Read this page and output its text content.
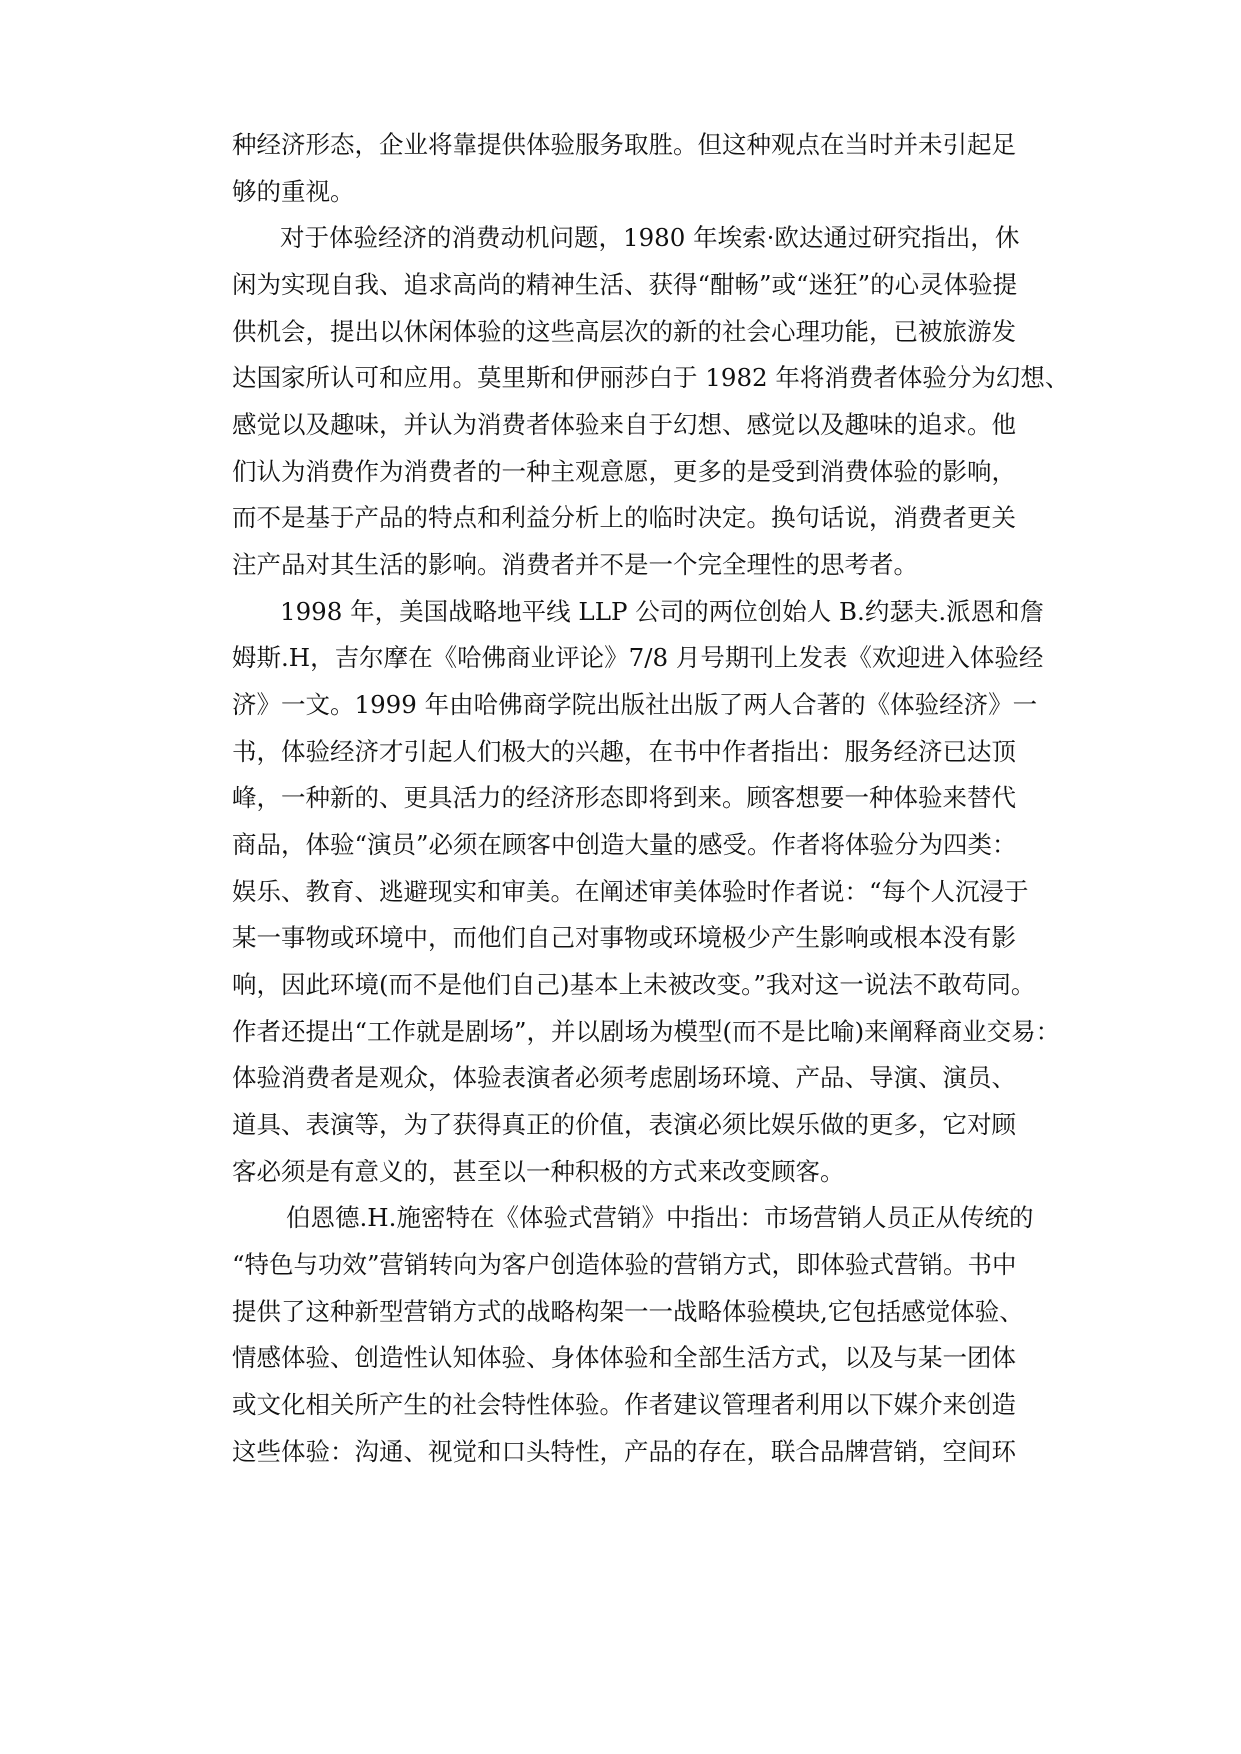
种经济形态，企业将靠提供体验服务取胜。但这种观点在当时并未引起足
够的重视。
对于体验经济的消费动机问题，1980 年埃索·欧达通过研究指出，休
闲为实现自我、追求高尚的精神生活、获得“酣畅”或“迷狂”的心灵体验提
供机会，提出以休闲体验的这些高层次的新的社会心理功能，已被旅游发
达国家所认可和应用。莫里斯和伊丽莎白于 1982 年将消费者体验分为幻想、
感觉以及趣味，并认为消费者体验来自于幻想、感觉以及趣味的追求。他
们认为消费作为消费者的一种主观意愿，更多的是受到消费体验的影响，
而不是基于产品的特点和利益分析上的临时决定。换句话说，消费者更关
注产品对其生活的影响。消费者并不是一个完全理性的思考者。
1998 年，美国战略地平线 LLP 公司的两位创始人 B.约瑟夫.派恩和詹
姆斯.H，吉尔摩在《哈佛商业评论》7/8 月号期刊上发表《欢迎进入体验经
济》一文。1999 年由哈佛商学院出版社出版了两人合著的《体验经济》一
书，体验经济才引起人们极大的兴趣，在书中作者指出：服务经济已达顶
峰，一种新的、更具活力的经济形态即将到来。顾客想要一种体验来替代
商品，体验“演员”必须在顾客中创造大量的感受。作者将体验分为四类：
娱乐、教育、逃避现实和审美。在阐述审美体验时作者说：“每个人沉浸于
某一事物或环境中，而他们自己对事物或环境极少产生影响或根本没有影
响，因此环境(而不是他们自己)基本上未被改变。”我对这一说法不敢苟同。
作者还提出“工作就是剧场”，并以剧场为模型(而不是比喻)来阐释商业交易：
体验消费者是观众，体验表演者必须考虑剧场环境、产品、导演、演员、
道具、表演等，为了获得真正的价值，表演必须比娱乐做的更多，它对顾
客必须是有意义的，甚至以一种积极的方式来改变顾客。
伯恩德.H.施密特在《体验式营销》中指出：市场营销人员正从传统的
“特色与功效”营销转向为客户创造体验的营销方式，即体验式营销。书中
提供了这种新型营销方式的战略构架一一战略体验模块,它包括感觉体验、
情感体验、创造性认知体验、身体体验和全部生活方式，以及与某一团体
或文化相关所产生的社会特性体验。作者建议管理者利用以下媒介来创造
这些体验：沟通、视觉和口头特性，产品的存在，联合品牌营销，空间环
